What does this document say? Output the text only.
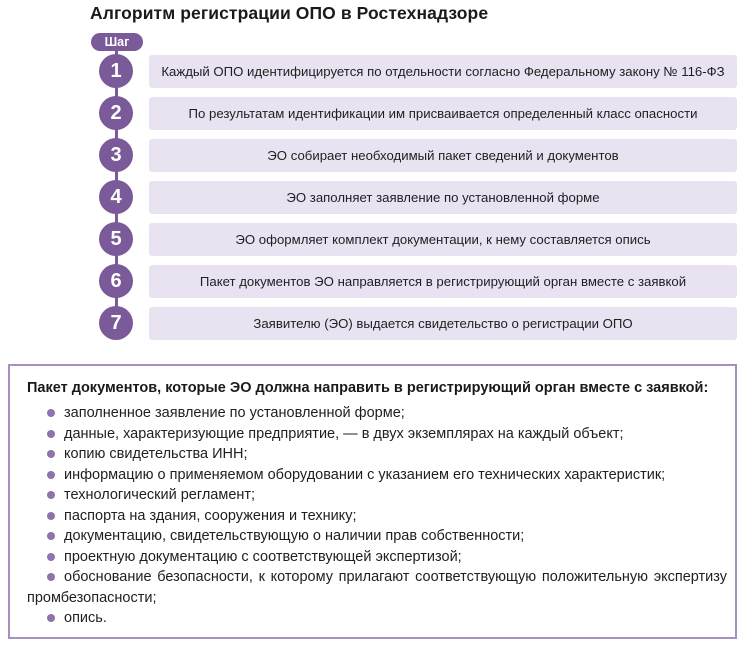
Алгоритм регистрации ОПО в Ростехнадзоре
Шаг
1	Каждый ОПО идентифицируется по отдельности согласно Федеральному закону № 116-ФЗ
2	По результатам идентификации им присваивается определенный класс опасности
3	ЭО собирает необходимый пакет сведений и документов
4	ЭО заполняет заявление по установленной форме
5	ЭО оформляет комплект документации, к нему составляется опись
6	Пакет документов ЭО направляется в регистрирующий орган вместе с заявкой
7	Заявителю (ЭО) выдается свидетельство о регистрации ОПО
Пакет документов, которые ЭО должна направить в регистрирующий орган вместе с заявкой:
заполненное заявление по установленной форме;
данные, характеризующие предприятие, — в двух экземплярах на каждый объект;
копию свидетельства ИНН;
информацию о применяемом оборудовании с указанием его технических характеристик;
технологический регламент;
паспорта на здания, сооружения и технику;
документацию, свидетельствующую о наличии прав собственности;
проектную документацию с соответствующей экспертизой;
обоснование безопасности, к которому прилагают соответствующую положительную экспертизу промбезопасности;
опись.
